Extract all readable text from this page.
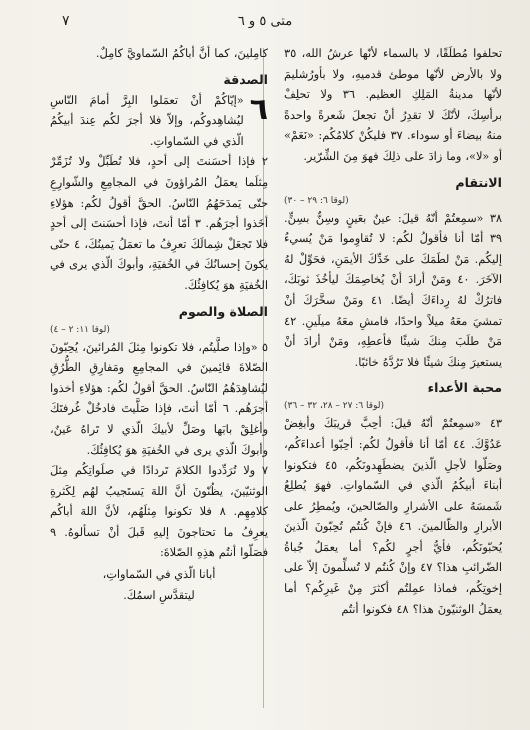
متى ٥ و ٦
٧

تحلفوا مُطلَقًا، لا بالسماء لأنّها عرشُ الله، ٣٥ ولا بالأرض لأنّها موطئ قدميهِ، ولا بأورُشليمَ لأنّها مدينةُ المَلِكِ العظيم. ٣٦ ولا تحلِفْ برأسِكَ، لأنّكَ لا تقدِرُ أنْ تجعلَ شَعرةً واحدةً منهُ بيضاءَ أو سوداء. ٣٧ فليكُنْ كلامُكُم: «نَعَمْ» أو «لا»، وما زادَ على ذلِكَ فهوَ مِنَ الشِّرّير.

الانتقام

(لوقا ٦: ٢٩ – ٣٠)

٣٨ «سمِعتُمْ أنّهُ قيلَ: عينٌ بعَينٍ وسِنٌّ بسِنٍّ. ٣٩ أمّا أنا فأقولُ لكُم: لا تُقاوِموا مَنْ يُسيءُ إليكُم. مَنْ لطَمَكَ على خَدِّكَ الأيمَنِ، فحَوِّلْ لهُ الآخَرَ. ٤٠ ومَنْ أرادَ أنْ يُخاصِمَكَ ليأخُذَ ثوبَكَ، فاترُكْ لهُ رِداءَكَ أيضًا. ٤١ ومَنْ سخَّرَكَ أنْ تمشيَ معَهُ ميلاً واحدًا، فامشِ معَهُ ميلَينِ. ٤٢ مَنْ طلَبَ مِنكَ شيئًا فأعطِهِ، ومَنْ أرادَ أنْ يستعيرَ مِنكَ شيئًا فلا تَرُدَّهُ خائبًا.

محبة الأعداء

(لوقا ٦: ٢٧ – ٢٨، ٣٢ – ٣٦)

٤٣ «سمِعتُمْ أنّهُ قيلَ: أحِبَّ قريبَكَ وأبغِضْ عَدُوَّكَ. ٤٤ أمّا أنا فأقولُ لكُم: أحِبّوا أعداءَكُم، وصَلّوا لأجلِ الّذينَ يضطَهِدونَكُم، ٤٥ فتكونوا أبناءَ أبيكُمُ الّذي في السّماواتِ. فهوَ يُطلِعُ شَمسَهُ على الأشرارِ والصّالحينَ، ويُمطِرُ على الأبرارِ والظّالمينَ. ٤٦ فإنْ كُنتُم تُحِبّونَ الّذينَ يُحبّونَكُم، فأيُّ أجرٍ لكُم؟ أما يعمَلُ جُباةُ الضّرائبِ هذا؟ ٤٧ وإنْ كُنتُم لا تُسلِّمونَ إلاّ على إخوتِكُم، فماذا عمِلتُم أكثرَ مِنْ غَيرِكُم؟ أما يعمَلُ الوثنيّونَ هذا؟ ٤٨ فكونوا أنتُم

كامِلينَ، كما أنَّ أباكُمُ السّماويَّ كامِلٌ.

الصدقة
٦

«إيّاكُمْ أنْ تعمَلوا البِرَّ أمامَ النّاسِ ليُشاهِدوكُم، وإلاّ فلا أجرَ لكُم عِندَ أبيكُمُ الّذي في السّماواتِ.

٢ فإذا أحسَنتَ إلى أحدٍ، فلا تُطَبِّلْ ولا تُزَمِّرْ مِثلَما يعمَلُ المُراؤونَ في المجامِعِ والشّوارِعِ حتّى يَمدَحَهُمُ النّاسُ. الحقَّ أقولُ لكُم: هؤلاءِ أخَذوا أجرَهُم. ٣ أمّا أنتَ، فإذا أحسَنتَ إلى أحدٍ فلا تَجعَلْ شِمالَكَ تعرِفُ ما تعمَلُ يَمينُكَ، ٤ حتّى يكونَ إحسانُكَ في الخُفيَةِ، وأبوكَ الّذي يرى في الخُفيَةِ هوَ يُكافِئُكَ.

الصلاة والصوم

(لوقا ١١: ٢ – ٤)

٥ «وإذا صلَّيتُم، فلا تكونوا مِثلَ المُرائينَ، يُحِبّونَ الصّلاةَ قائِمينَ في المجامِعِ ومَفارِقِ الطُّرُقِ ليُشاهِدَهُمُ النّاسُ. الحقَّ أقولُ لكُم: هؤلاءِ أخذوا أجرَهُم. ٦ أمّا أنتَ، فإذا صَلَّيتَ فادخُلْ غُرفتَكَ وأغلِقْ بابَها وصَلِّ لأبيكَ الّذي لا تَراهُ عَينٌ، وأبوكَ الّذي يرى في الخُفيَةِ هوَ يُكافِئُكَ.

٧ ولا تُرَدِّدوا الكلامَ تَردادًا في صلَواتِكُم مِثلَ الوثنيّينَ، يظُنّونَ أنَّ اللهَ يَستَجيبُ لهُم لِكَثرةِ كلامِهِم. ٨ فلا تكونوا مِثلَهُم، لأنَّ اللهَ أباكُم يعرِفُ ما تحتاجونَ إليهِ قَبلَ أنْ تسألوهُ. ٩ فصَلّوا أنتُم هذِهِ الصّلاةَ:

أبانا الّذي في السّماواتِ،

ليتقدَّسِ اسمُكَ.
